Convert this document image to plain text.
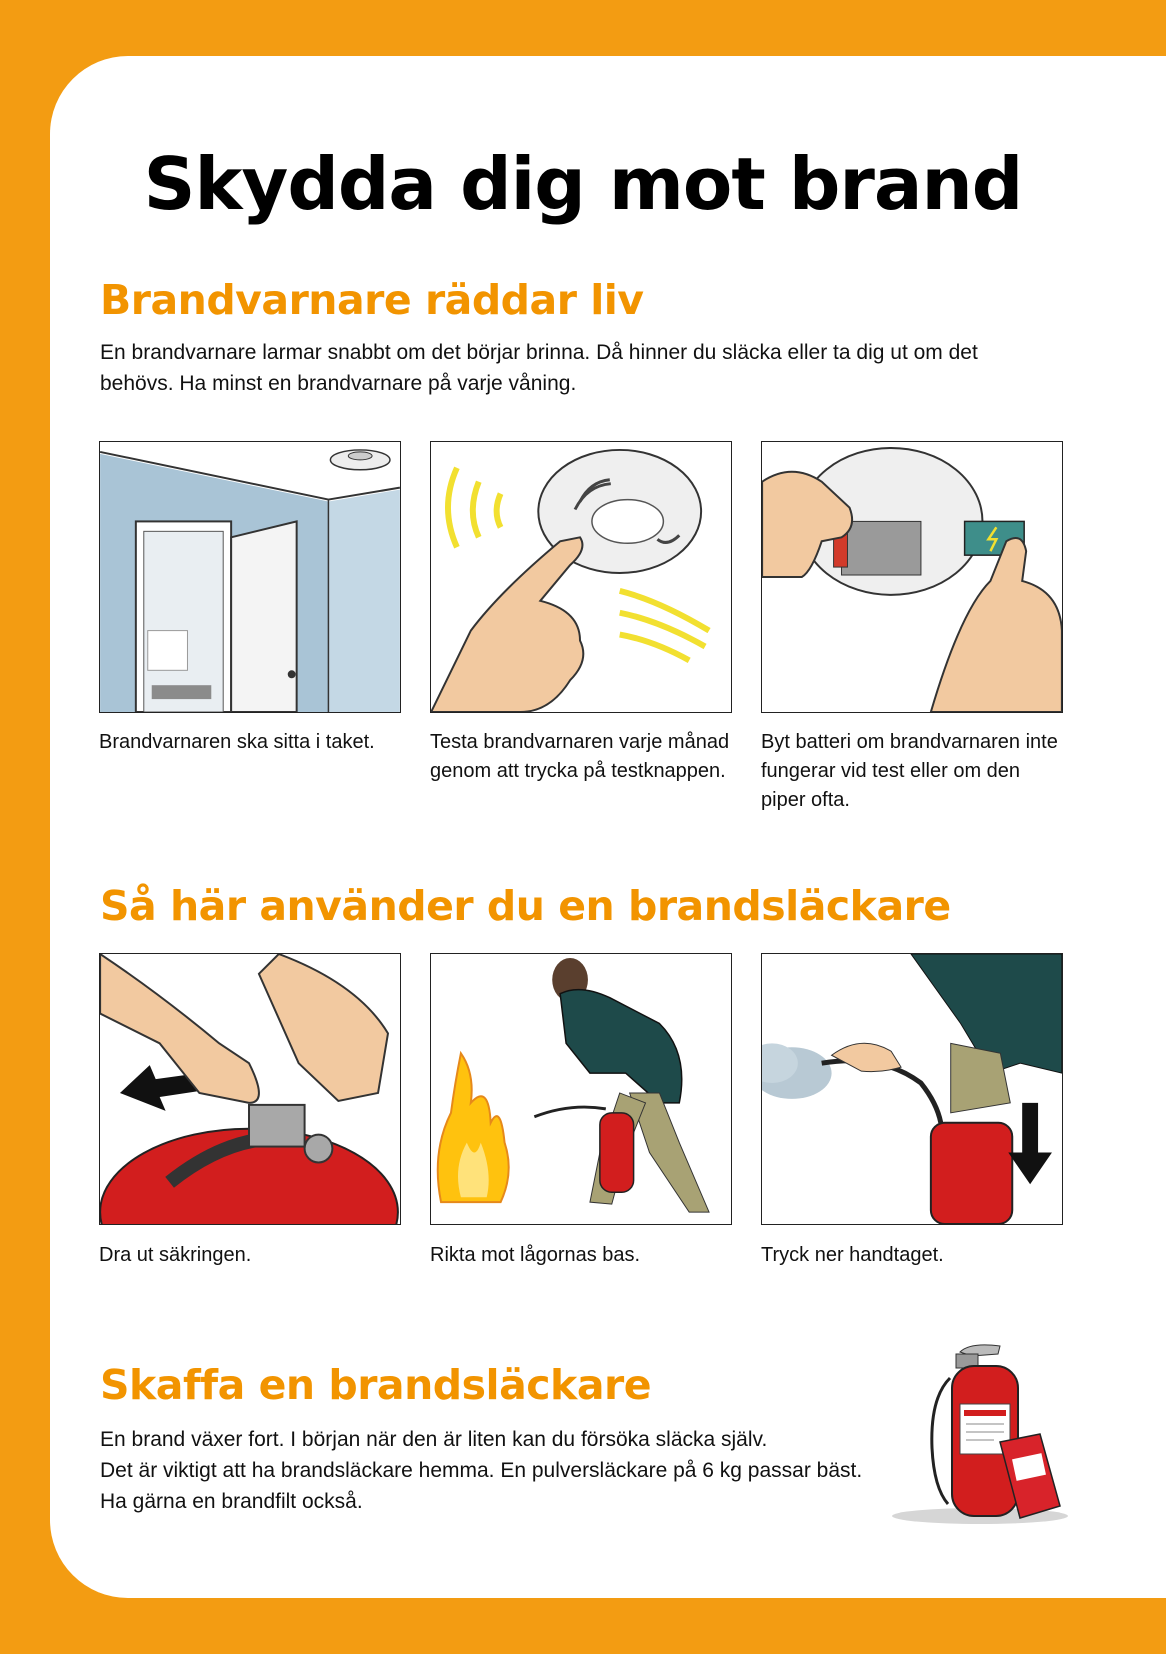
Skydda dig mot brand
Brandvarnare räddar liv

En brandvarnare larmar snabbt om det börjar brinna. Då hinner du släcka eller ta dig ut om det
behövs. Ha minst en brandvarnare på varje våning.

Brandvarnaren ska sitta i taket.	Testa brandvarnaren varje månad genom att trycka på testknappen.

Byt batteri om brandvarnaren inte fungerar vid test eller om den piper ofta.

Så här använder du en brandsläckare

Dra ut säkringen.	Rikta mot lågornas bas.	Tryck ner handtaget.

Skaffa en brandsläckare

En brand växer fort. I början när den är liten kan du försöka släcka själv.
Det är viktigt att ha brandsläckare hemma. En pulversläckare på 6 kg passar bäst.
Ha gärna en brandfilt också.
